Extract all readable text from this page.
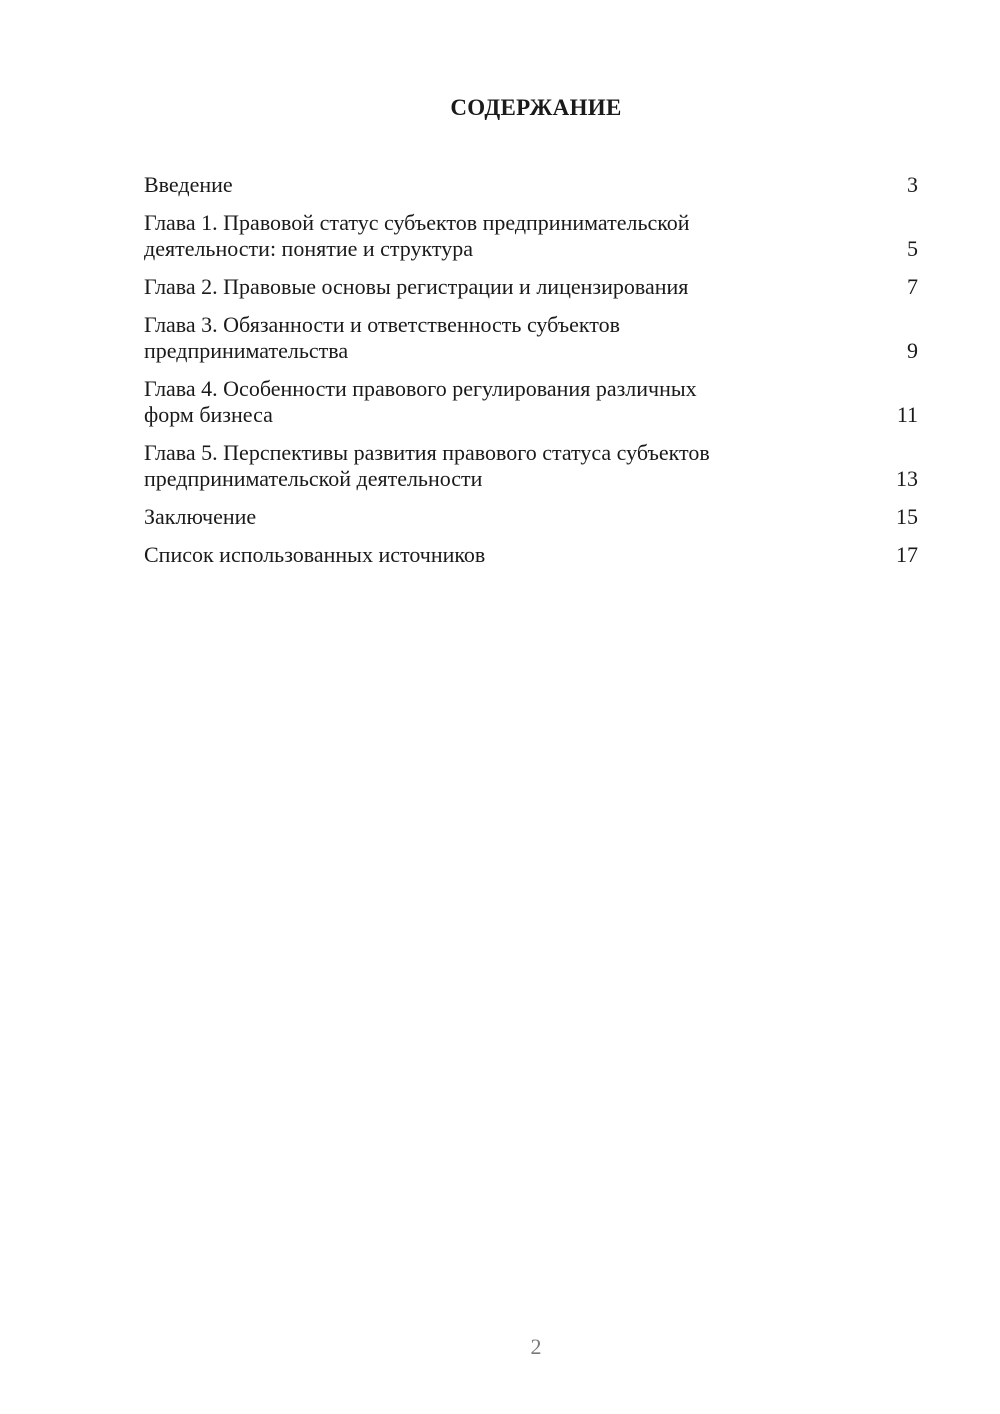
СОДЕРЖАНИЕ
Введение	3
Глава 1. Правовой статус субъектов предпринимательской
деятельности: понятие и структура	5
Глава 2. Правовые основы регистрации и лицензирования	7
Глава 3. Обязанности и ответственность субъектов
предпринимательства	9
Глава 4. Особенности правового регулирования различных
форм бизнеса	11
Глава 5. Перспективы развития правового статуса субъектов
предпринимательской деятельности	13
Заключение	15
Список использованных источников	17
2
